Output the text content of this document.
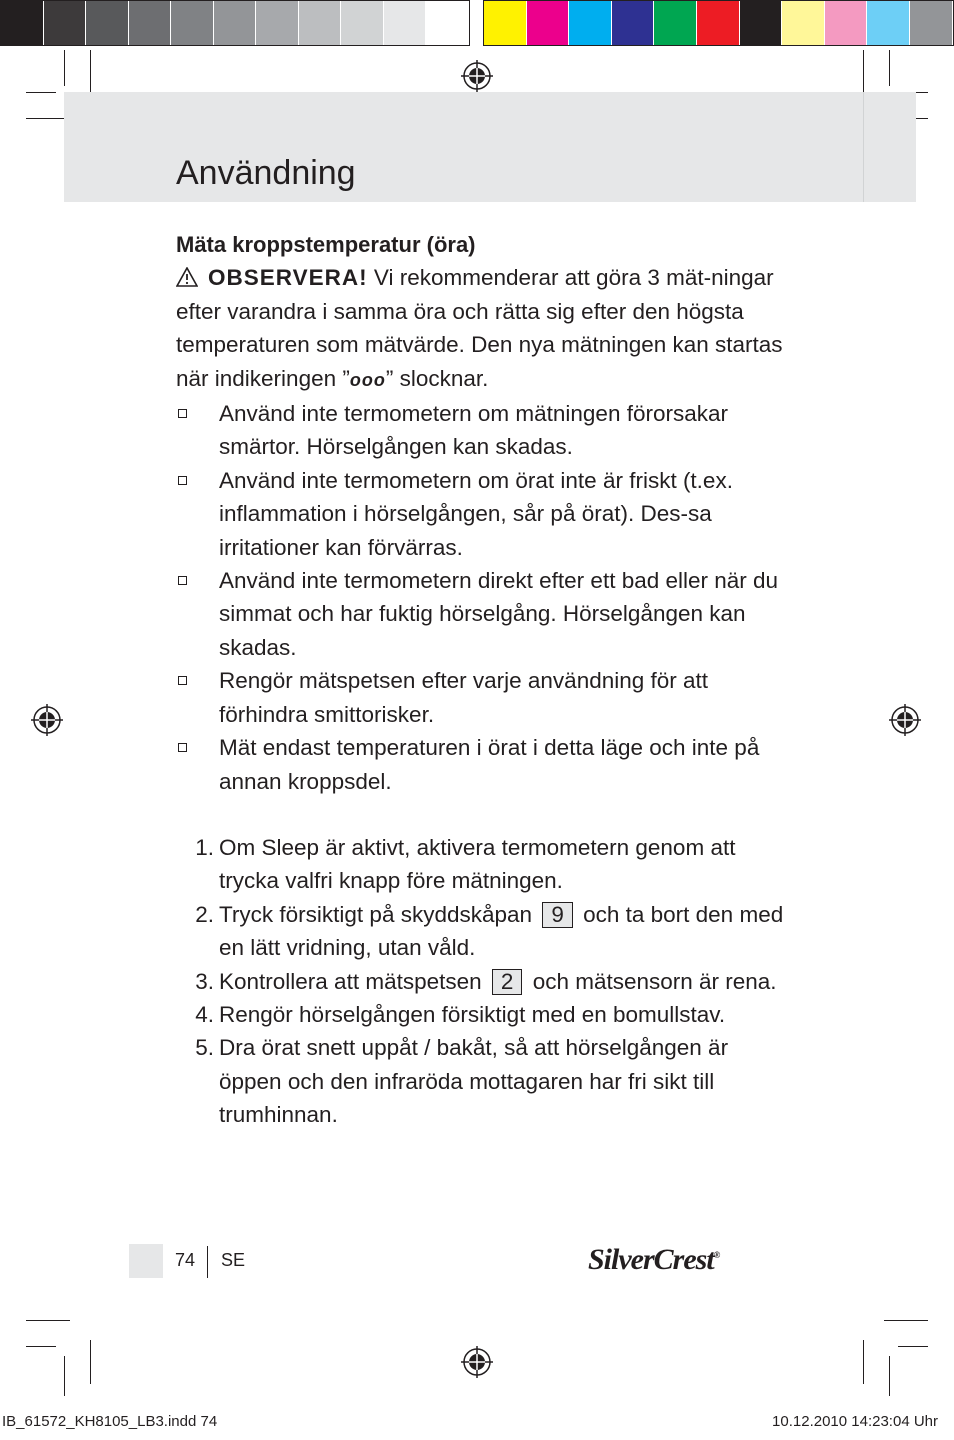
Användning

Mäta kroppstemperatur (öra)

OBSERVERA! Vi rekommenderar att göra 3 mät-ningar efter varandra i samma öra och rätta sig efter den högsta temperaturen som mätvärde. Den nya mätningen kan startas när indikeringen ”ooo” slocknar.

Använd inte termometern om mätningen förorsakar smärtor. Hörselgången kan skadas.
Använd inte termometern om örat inte är friskt (t.ex. inflammation i hörselgången, sår på örat). Des-sa irritationer kan förvärras.
Använd inte termometern direkt efter ett bad eller när du simmat och har fuktig hörselgång. Hörselgången kan skadas.
Rengör mätspetsen efter varje användning för att förhindra smittorisker.
Mät endast temperaturen i örat i detta läge och inte på annan kroppsdel.
1. Om Sleep är aktivt, aktivera termometern genom att trycka valfri knapp före mätningen.
2. Tryck försiktigt på skyddskåpan 9 och ta bort den med en lätt vridning, utan våld.
3. Kontrollera att mätspetsen 2 och mätsensorn är rena.
4. Rengör hörselgången försiktigt med en bomullstav.
5. Dra örat snett uppåt / bakåt, så att hörselgången är öppen och den infraröda mottagaren har fri sikt till trumhinnan.
74 SE	SilverCrest®
IB_61572_KH8105_LB3.indd 74	10.12.2010 14:23:04 Uhr
